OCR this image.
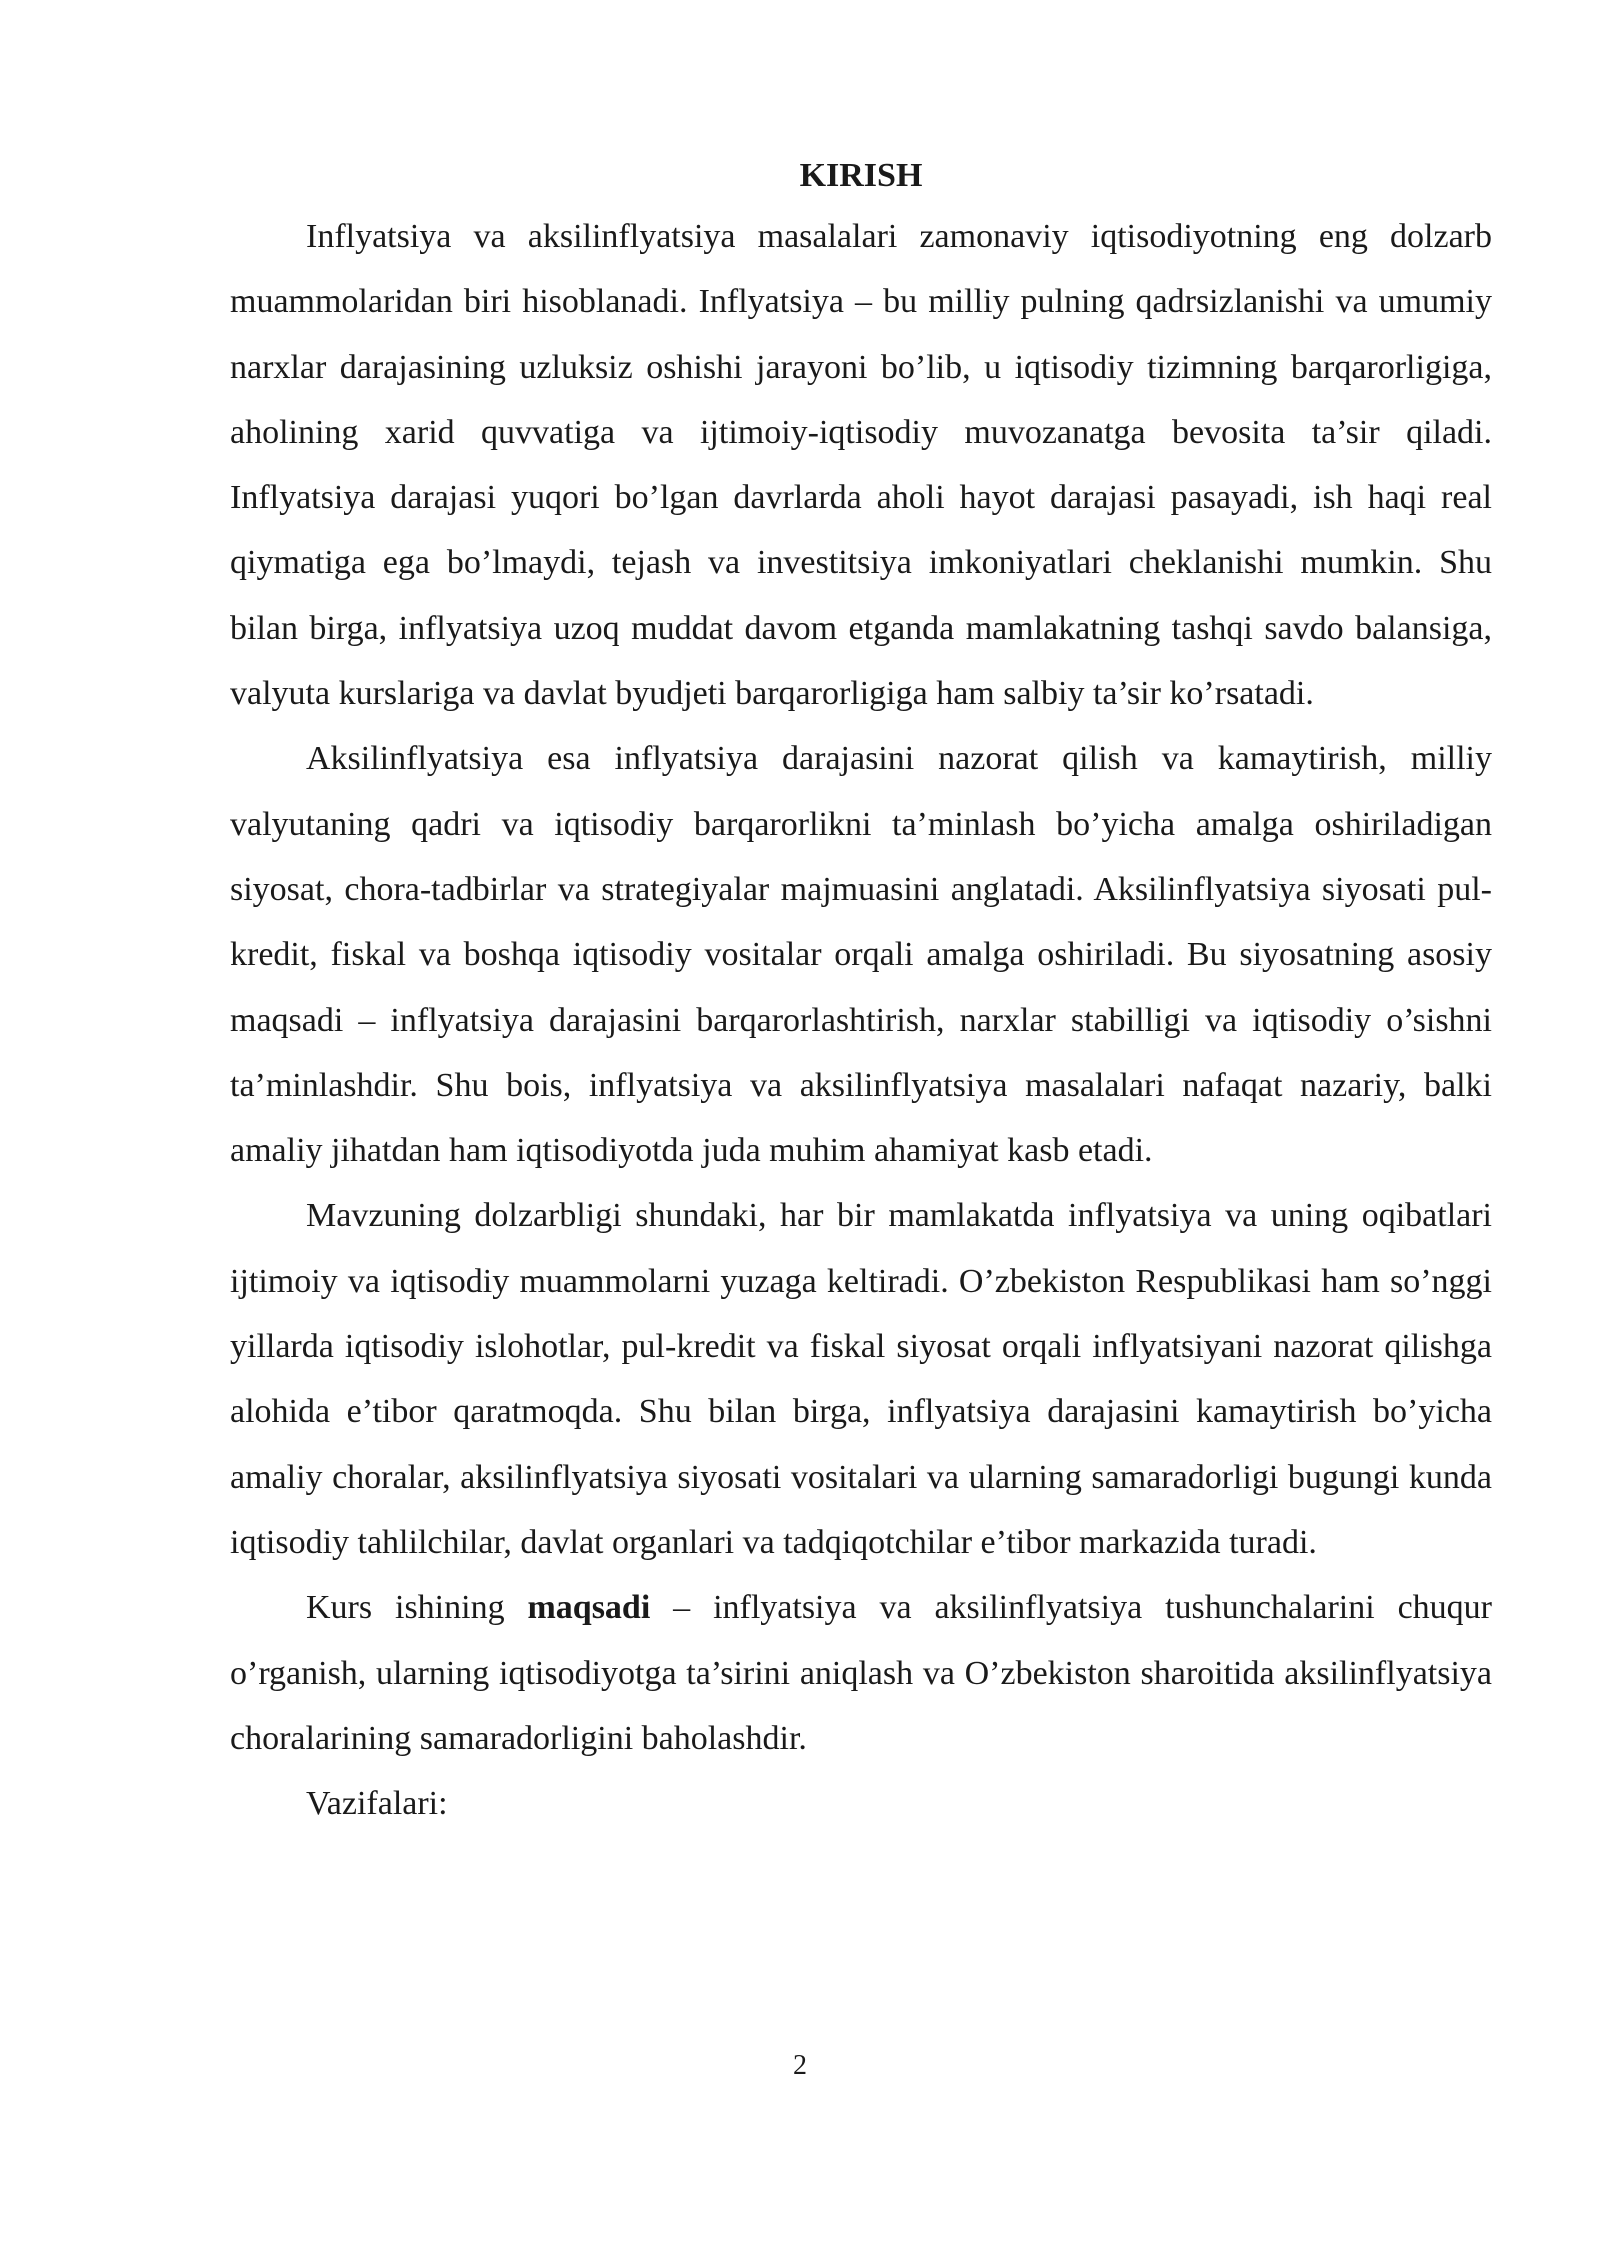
KIRISH

Inflyatsiya va aksilinflyatsiya masalalari zamonaviy iqtisodiyotning eng dolzarb muammolaridan biri hisoblanadi. Inflyatsiya – bu milliy pulning qadrsizlanishi va umumiy narxlar darajasining uzluksiz oshishi jarayoni bo’lib, u iqtisodiy tizimning barqarorligiga, aholining xarid quvvatiga va ijtimoiy-iqtisodiy muvozanatga bevosita ta’sir qiladi. Inflyatsiya darajasi yuqori bo’lgan davrlarda aholi hayot darajasi pasayadi, ish haqi real qiymatiga ega bo’lmaydi, tejash va investitsiya imkoniyatlari cheklanishi mumkin. Shu bilan birga, inflyatsiya uzoq muddat davom etganda mamlakatning tashqi savdo balansiga, valyuta kurslariga va davlat byudjeti barqarorligiga ham salbiy ta’sir ko’rsatadi.

Aksilinflyatsiya esa inflyatsiya darajasini nazorat qilish va kamaytirish, milliy valyutaning qadri va iqtisodiy barqarorlikni ta’minlash bo’yicha amalga oshiriladigan siyosat, chora-tadbirlar va strategiyalar majmuasini anglatadi. Aksilinflyatsiya siyosati pul-kredit, fiskal va boshqa iqtisodiy vositalar orqali amalga oshiriladi. Bu siyosatning asosiy maqsadi – inflyatsiya darajasini barqarorlashtirish, narxlar stabilligi va iqtisodiy o’sishni ta’minlashdir. Shu bois, inflyatsiya va aksilinflyatsiya masalalari nafaqat nazariy, balki amaliy jihatdan ham iqtisodiyotda juda muhim ahamiyat kasb etadi.

Mavzuning dolzarbligi shundaki, har bir mamlakatda inflyatsiya va uning oqibatlari ijtimoiy va iqtisodiy muammolarni yuzaga keltiradi. O’zbekiston Respublikasi ham so’nggi yillarda iqtisodiy islohotlar, pul-kredit va fiskal siyosat orqali inflyatsiyani nazorat qilishga alohida e’tibor qaratmoqda. Shu bilan birga, inflyatsiya darajasini kamaytirish bo’yicha amaliy choralar, aksilinflyatsiya siyosati vositalari va ularning samaradorligi bugungi kunda iqtisodiy tahlilchilar, davlat organlari va tadqiqotchilar e’tibor markazida turadi.

Kurs ishining maqsadi – inflyatsiya va aksilinflyatsiya tushunchalarini chuqur o’rganish, ularning iqtisodiyotga ta’sirini aniqlash va O’zbekiston sharoitida aksilinflyatsiya choralarining samaradorligini baholashdir.

Vazifalari:

2
